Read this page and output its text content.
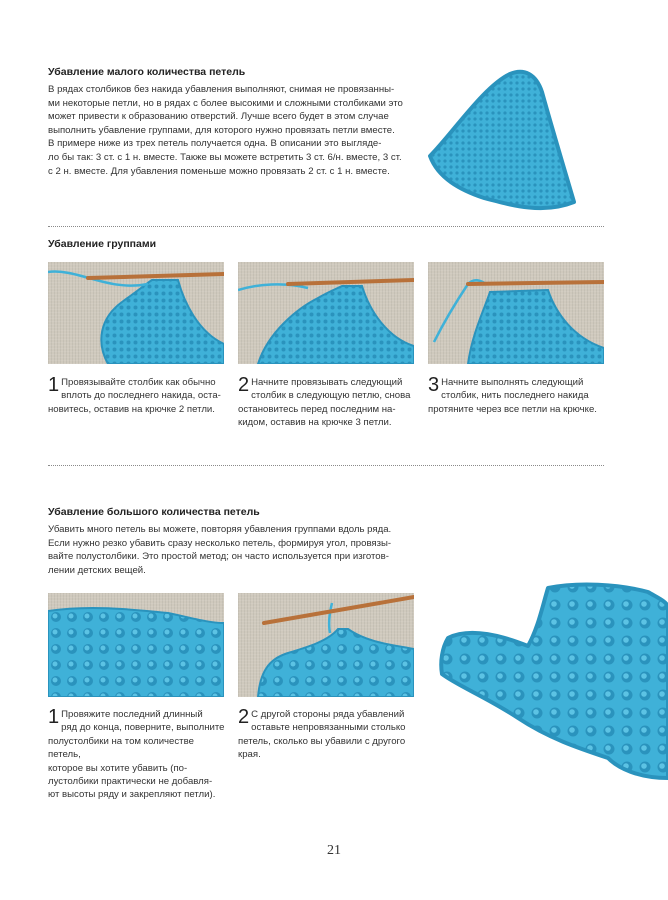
Убавление малого количества петель

В рядах столбиков без накида убавления выполняют, снимая не провязанны-

ми некоторые петли, но в рядах с более высокими и сложными столбиками это

может привести к образованию отверстий. Лучше всего будет в этом случае

выполнить убавление группами, для которого нужно провязать петли вместе.

В примере ниже из трех петель получается одна. В описании это выглядe-

ло бы так: 3 ст. с 1 н. вместе. Также вы можете встретить 3 ст. 6/н. вместе, 3 ст.

с 2 н. вместе. Для убавления поменьше можно провязать 2 ст. с 1 н. вместе.

Убавление группами
1 Провязывайте столбик как обычно
вплоть до последнего накида, оста-
новитесь, оставив на крючке 2 петли.
2 Начните провязывать следующий
столбик в следующую петлю, снова
остановитесь перед последним на-
кидом, оставив на крючке 3 петли.
3 Начните выполнять следующий
столбик, нить последнего накида
протяните через все петли на крючке.
Убавление большого количества петель

Убавить много петель вы можете, повторяя убавления группами вдоль ряда.

Если нужно резко убавить сразу несколько петель, формируя угол, провязы-

вайте полустолбики. Это простой метод; он часто используется при изготов-

лении детских вещей.

1 Провяжите последний длинный
ряд до конца, поверните, выполните
полустолбики на том количестве петель,
которое вы хотите убавить (по-
лустолбики практически не добавля-
ют высоты ряду и закрепляют петли).
2 С другой стороны ряда убавлений
оставьте непровязанными столько
петель, сколько вы убавили с другого
края.
21
